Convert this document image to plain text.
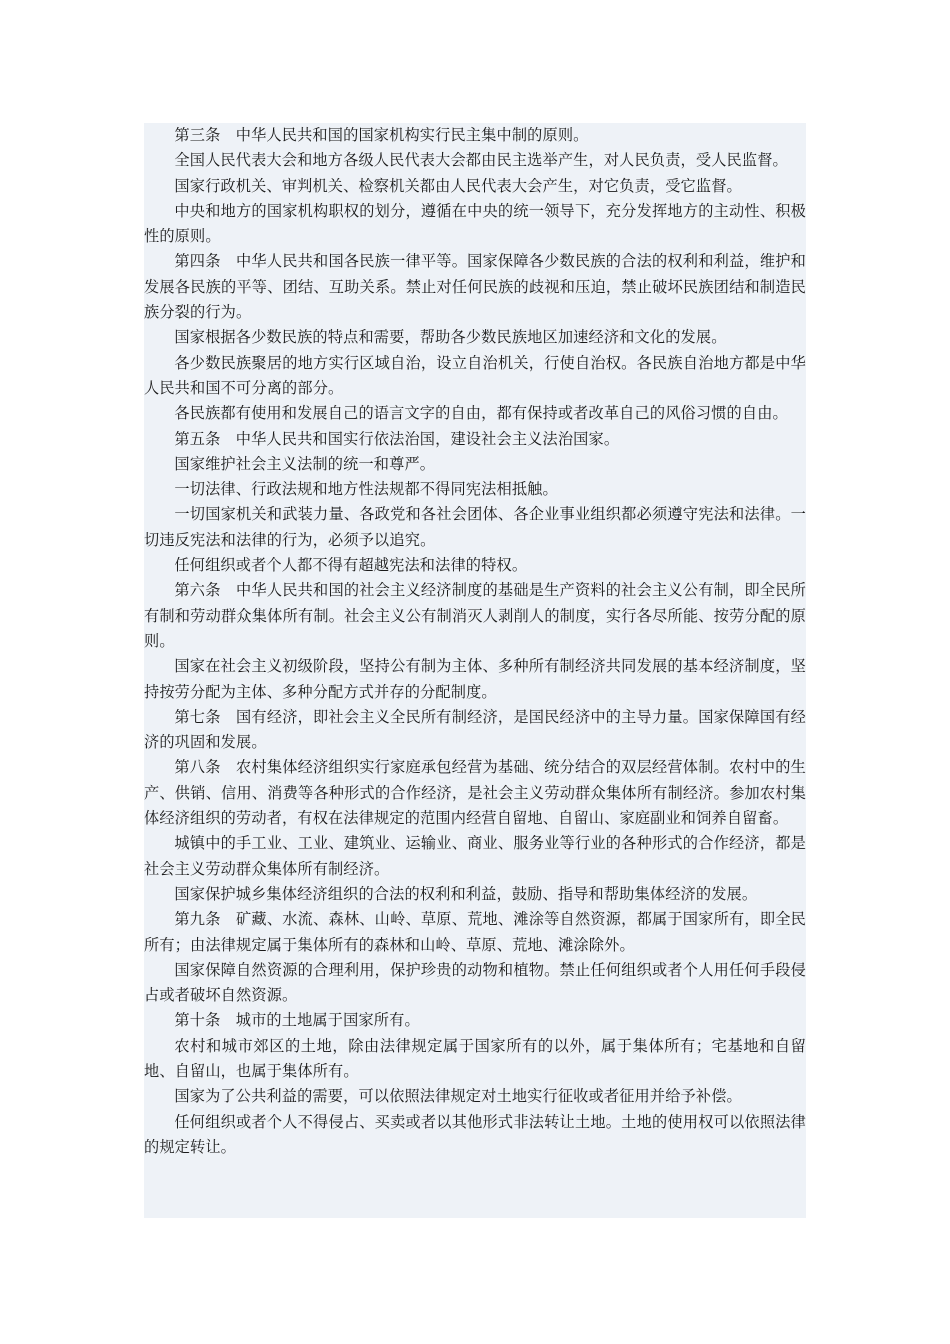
第三条　中华人民共和国的国家机构实行民主集中制的原则。

全国人民代表大会和地方各级人民代表大会都由民主选举产生，对人民负责，受人民监督。

国家行政机关、审判机关、检察机关都由人民代表大会产生，对它负责，受它监督。

中央和地方的国家机构职权的划分，遵循在中央的统一领导下，充分发挥地方的主动性、积极性的原则。

第四条　中华人民共和国各民族一律平等。国家保障各少数民族的合法的权利和利益，维护和发展各民族的平等、团结、互助关系。禁止对任何民族的歧视和压迫，禁止破坏民族团结和制造民族分裂的行为。

国家根据各少数民族的特点和需要，帮助各少数民族地区加速经济和文化的发展。

各少数民族聚居的地方实行区域自治，设立自治机关，行使自治权。各民族自治地方都是中华人民共和国不可分离的部分。

各民族都有使用和发展自己的语言文字的自由，都有保持或者改革自己的风俗习惯的自由。

第五条　中华人民共和国实行依法治国，建设社会主义法治国家。

国家维护社会主义法制的统一和尊严。

一切法律、行政法规和地方性法规都不得同宪法相抵触。

一切国家机关和武装力量、各政党和各社会团体、各企业事业组织都必须遵守宪法和法律。一切违反宪法和法律的行为，必须予以追究。

任何组织或者个人都不得有超越宪法和法律的特权。

第六条　中华人民共和国的社会主义经济制度的基础是生产资料的社会主义公有制，即全民所有制和劳动群众集体所有制。社会主义公有制消灭人剥削人的制度，实行各尽所能、按劳分配的原则。

国家在社会主义初级阶段，坚持公有制为主体、多种所有制经济共同发展的基本经济制度，坚持按劳分配为主体、多种分配方式并存的分配制度。

第七条　国有经济，即社会主义全民所有制经济，是国民经济中的主导力量。国家保障国有经济的巩固和发展。

第八条　农村集体经济组织实行家庭承包经营为基础、统分结合的双层经营体制。农村中的生产、供销、信用、消费等各种形式的合作经济，是社会主义劳动群众集体所有制经济。参加农村集体经济组织的劳动者，有权在法律规定的范围内经营自留地、自留山、家庭副业和饲养自留畜。

城镇中的手工业、工业、建筑业、运输业、商业、服务业等行业的各种形式的合作经济，都是社会主义劳动群众集体所有制经济。

国家保护城乡集体经济组织的合法的权利和利益，鼓励、指导和帮助集体经济的发展。

第九条　矿藏、水流、森林、山岭、草原、荒地、滩涂等自然资源，都属于国家所有，即全民所有；由法律规定属于集体所有的森林和山岭、草原、荒地、滩涂除外。

国家保障自然资源的合理利用，保护珍贵的动物和植物。禁止任何组织或者个人用任何手段侵占或者破坏自然资源。

第十条　城市的土地属于国家所有。

农村和城市郊区的土地，除由法律规定属于国家所有的以外，属于集体所有；宅基地和自留地、自留山，也属于集体所有。

国家为了公共利益的需要，可以依照法律规定对土地实行征收或者征用并给予补偿。

任何组织或者个人不得侵占、买卖或者以其他形式非法转让土地。土地的使用权可以依照法律的规定转让。
